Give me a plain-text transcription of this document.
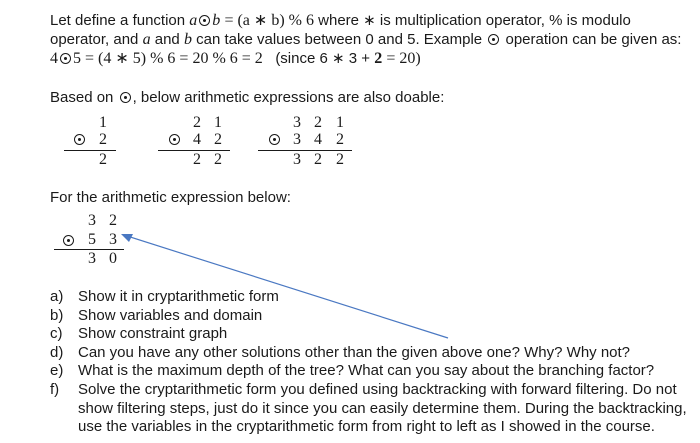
Let define a function a b = (a ∗ b) % 6 where ∗ is multiplication operator, % is modulo
operator, and a and b can take values between 0 and 5. Example operation can be given as:
4 5 = (4 ∗ 5) % 6 = 20 % 6 = 2 (since 6 ∗ 3 + 2 = 20)
Based on , below arithmetic expressions are also doable:
1
2
2
2 1
4 2
2 2
3 2 1
3 4 2
3 2 2
For the arithmetic expression below:
3 2
5 3
3 0
a) Show it in cryptarithmetic form
b) Show variables and domain
c) Show constraint graph
d) Can you have any other solutions other than the given above one? Why? Why not?
e) What is the maximum depth of the tree? What can you say about the branching factor?
f) Solve the cryptarithmetic form you defined using backtracking with forward filtering. Do not
show filtering steps, just do it since you can easily determine them. During the backtracking,
use the variables in the cryptarithmetic form from right to left as I showed in the course.
